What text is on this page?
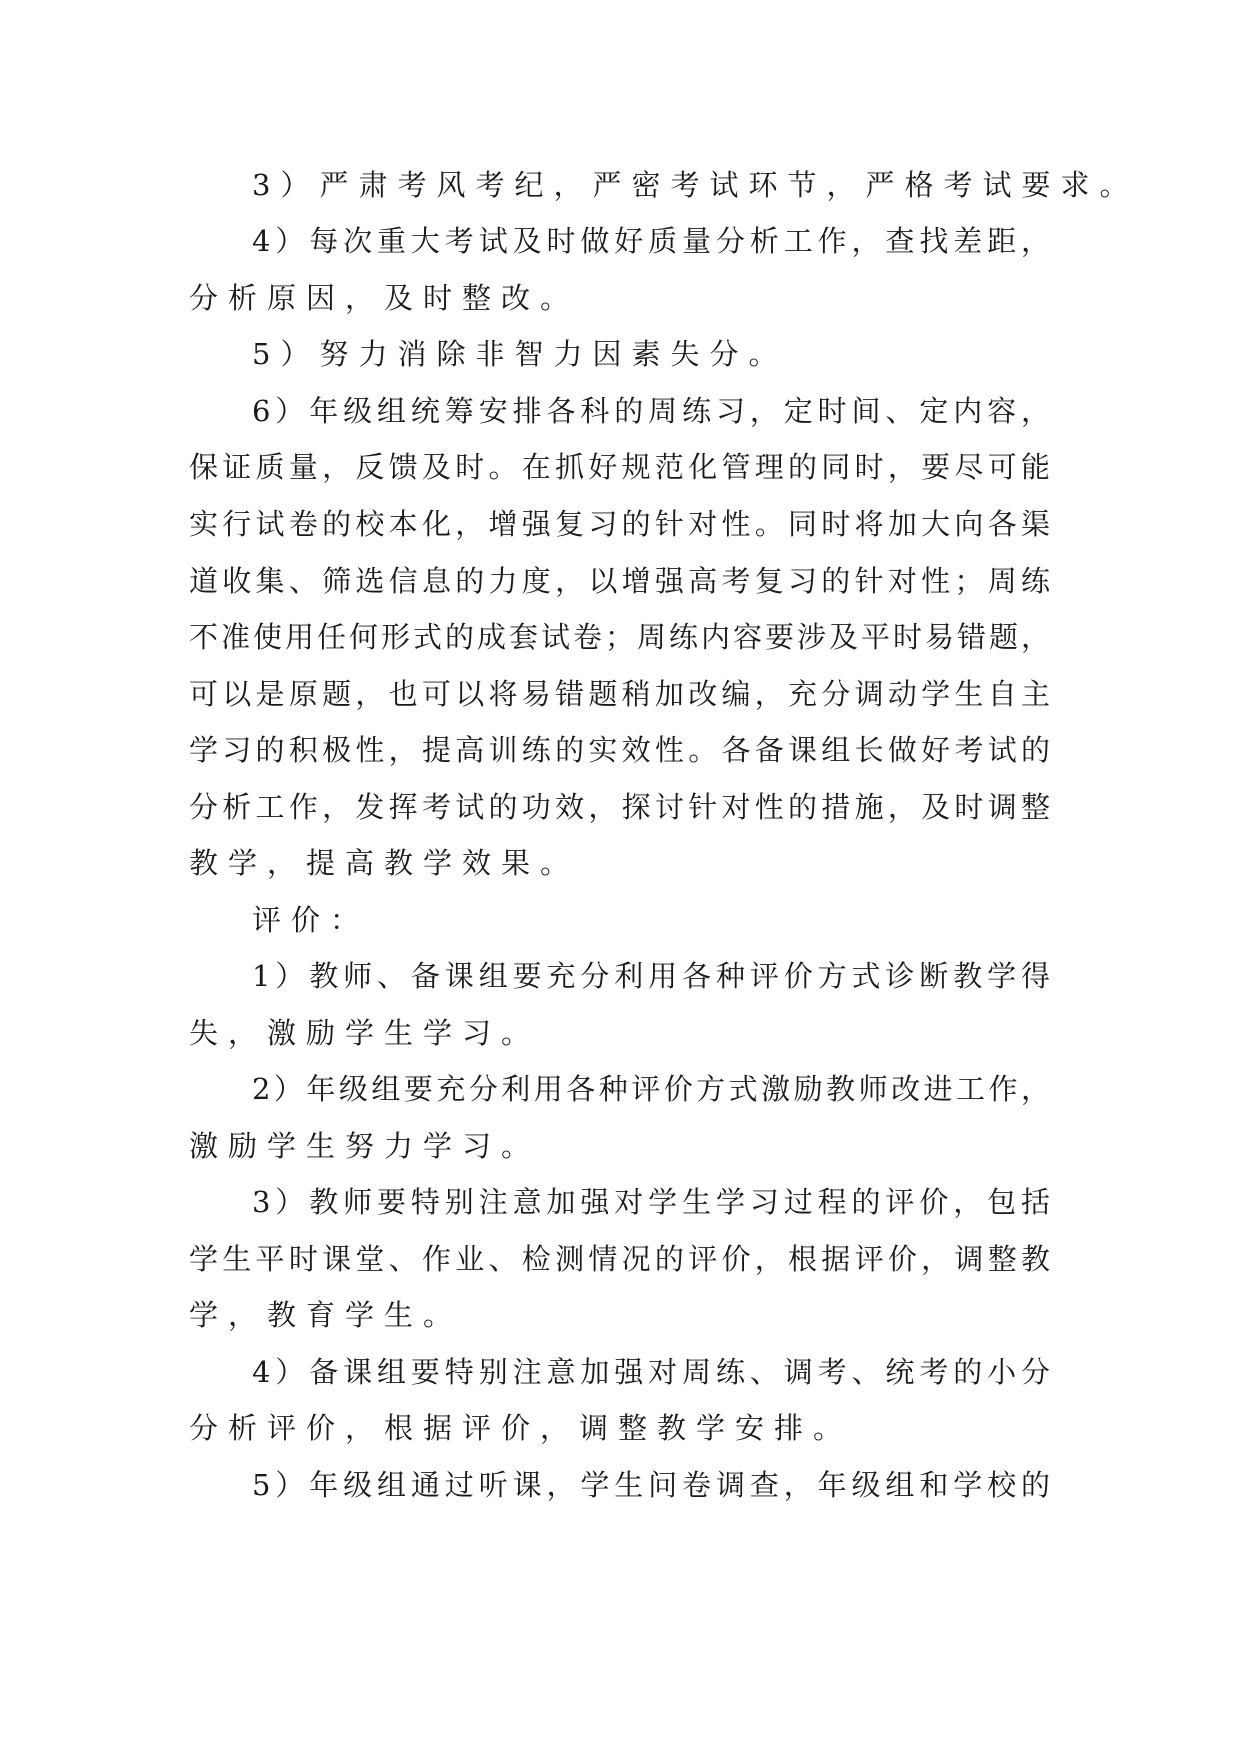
3）严肃考风考纪，严密考试环节，严格考试要求。
4）每次重大考试及时做好质量分析工作，查找差距，
分析原因，及时整改。
5）努力消除非智力因素失分。
6）年级组统筹安排各科的周练习，定时间、定内容，
保证质量，反馈及时。在抓好规范化管理的同时，要尽可能
实行试卷的校本化，增强复习的针对性。同时将加大向各渠
道收集、筛选信息的力度，以增强高考复习的针对性；周练
不准使用任何形式的成套试卷；周练内容要涉及平时易错题，
可以是原题，也可以将易错题稍加改编，充分调动学生自主
学习的积极性，提高训练的实效性。各备课组长做好考试的
分析工作，发挥考试的功效，探讨针对性的措施，及时调整
教学，提高教学效果。
评价：
1）教师、备课组要充分利用各种评价方式诊断教学得
失，激励学生学习。
2）年级组要充分利用各种评价方式激励教师改进工作，
激励学生努力学习。
3）教师要特别注意加强对学生学习过程的评价，包括
学生平时课堂、作业、检测情况的评价，根据评价，调整教
学，教育学生。
4）备课组要特别注意加强对周练、调考、统考的小分
分析评价，根据评价，调整教学安排。
5）年级组通过听课，学生问卷调查，年级组和学校的
